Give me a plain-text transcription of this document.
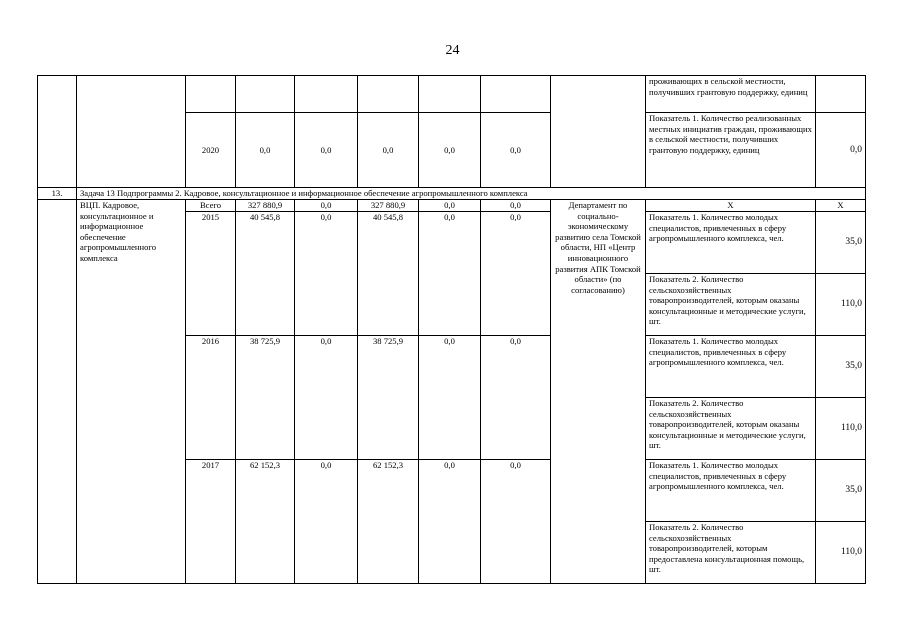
24
									проживающих в сельской местности, получивших грантовую поддержку, единиц	
		2020	0,0	0,0	0,0	0,0	0,0		Показатель 1. Количество реализованных местных инициатив граждан, проживающих в сельской местности, получивших грантовую поддержку, единиц	0,0
13.	Задача 13 Подпрограммы 2. Кадровое, консультационное и информационное обеспечение агропромышленного комплекса									
	ВЦП. Кадровое, консультационное и информационное обеспечение агропромышленного комплекса	Всего	327 880,9	0,0	327 880,9	0,0	0,0	Департамент по социально-экономическому развитию села Томской области, НП «Центр инновационного развития АПК Томской области» (по согласованию)	Х	Х
		2015	40 545,8	0,0	40 545,8	0,0	0,0		Показатель 1. Количество молодых специалистов, привлеченных в сферу агропромышленного комплекса, чел.	35,0
									Показатель 2. Количество сельскохозяйственных товаропроизводителей, которым оказаны консультационные и методические услуги, шт.	110,0
		2016	38 725,9	0,0	38 725,9	0,0	0,0		Показатель 1. Количество молодых специалистов, привлеченных в сферу агропромышленного комплекса, чел.	35,0
									Показатель 2. Количество сельскохозяйственных товаропроизводителей, которым оказаны консультационные и методические услуги, шт.	110,0
		2017	62 152,3	0,0	62 152,3	0,0	0,0		Показатель 1. Количество молодых специалистов, привлеченных в сферу агропромышленного комплекса, чел.	35,0
									Показатель 2. Количество сельскохозяйственных товаропроизводителей, которым предоставлена консультационная помощь, шт.	110,0
